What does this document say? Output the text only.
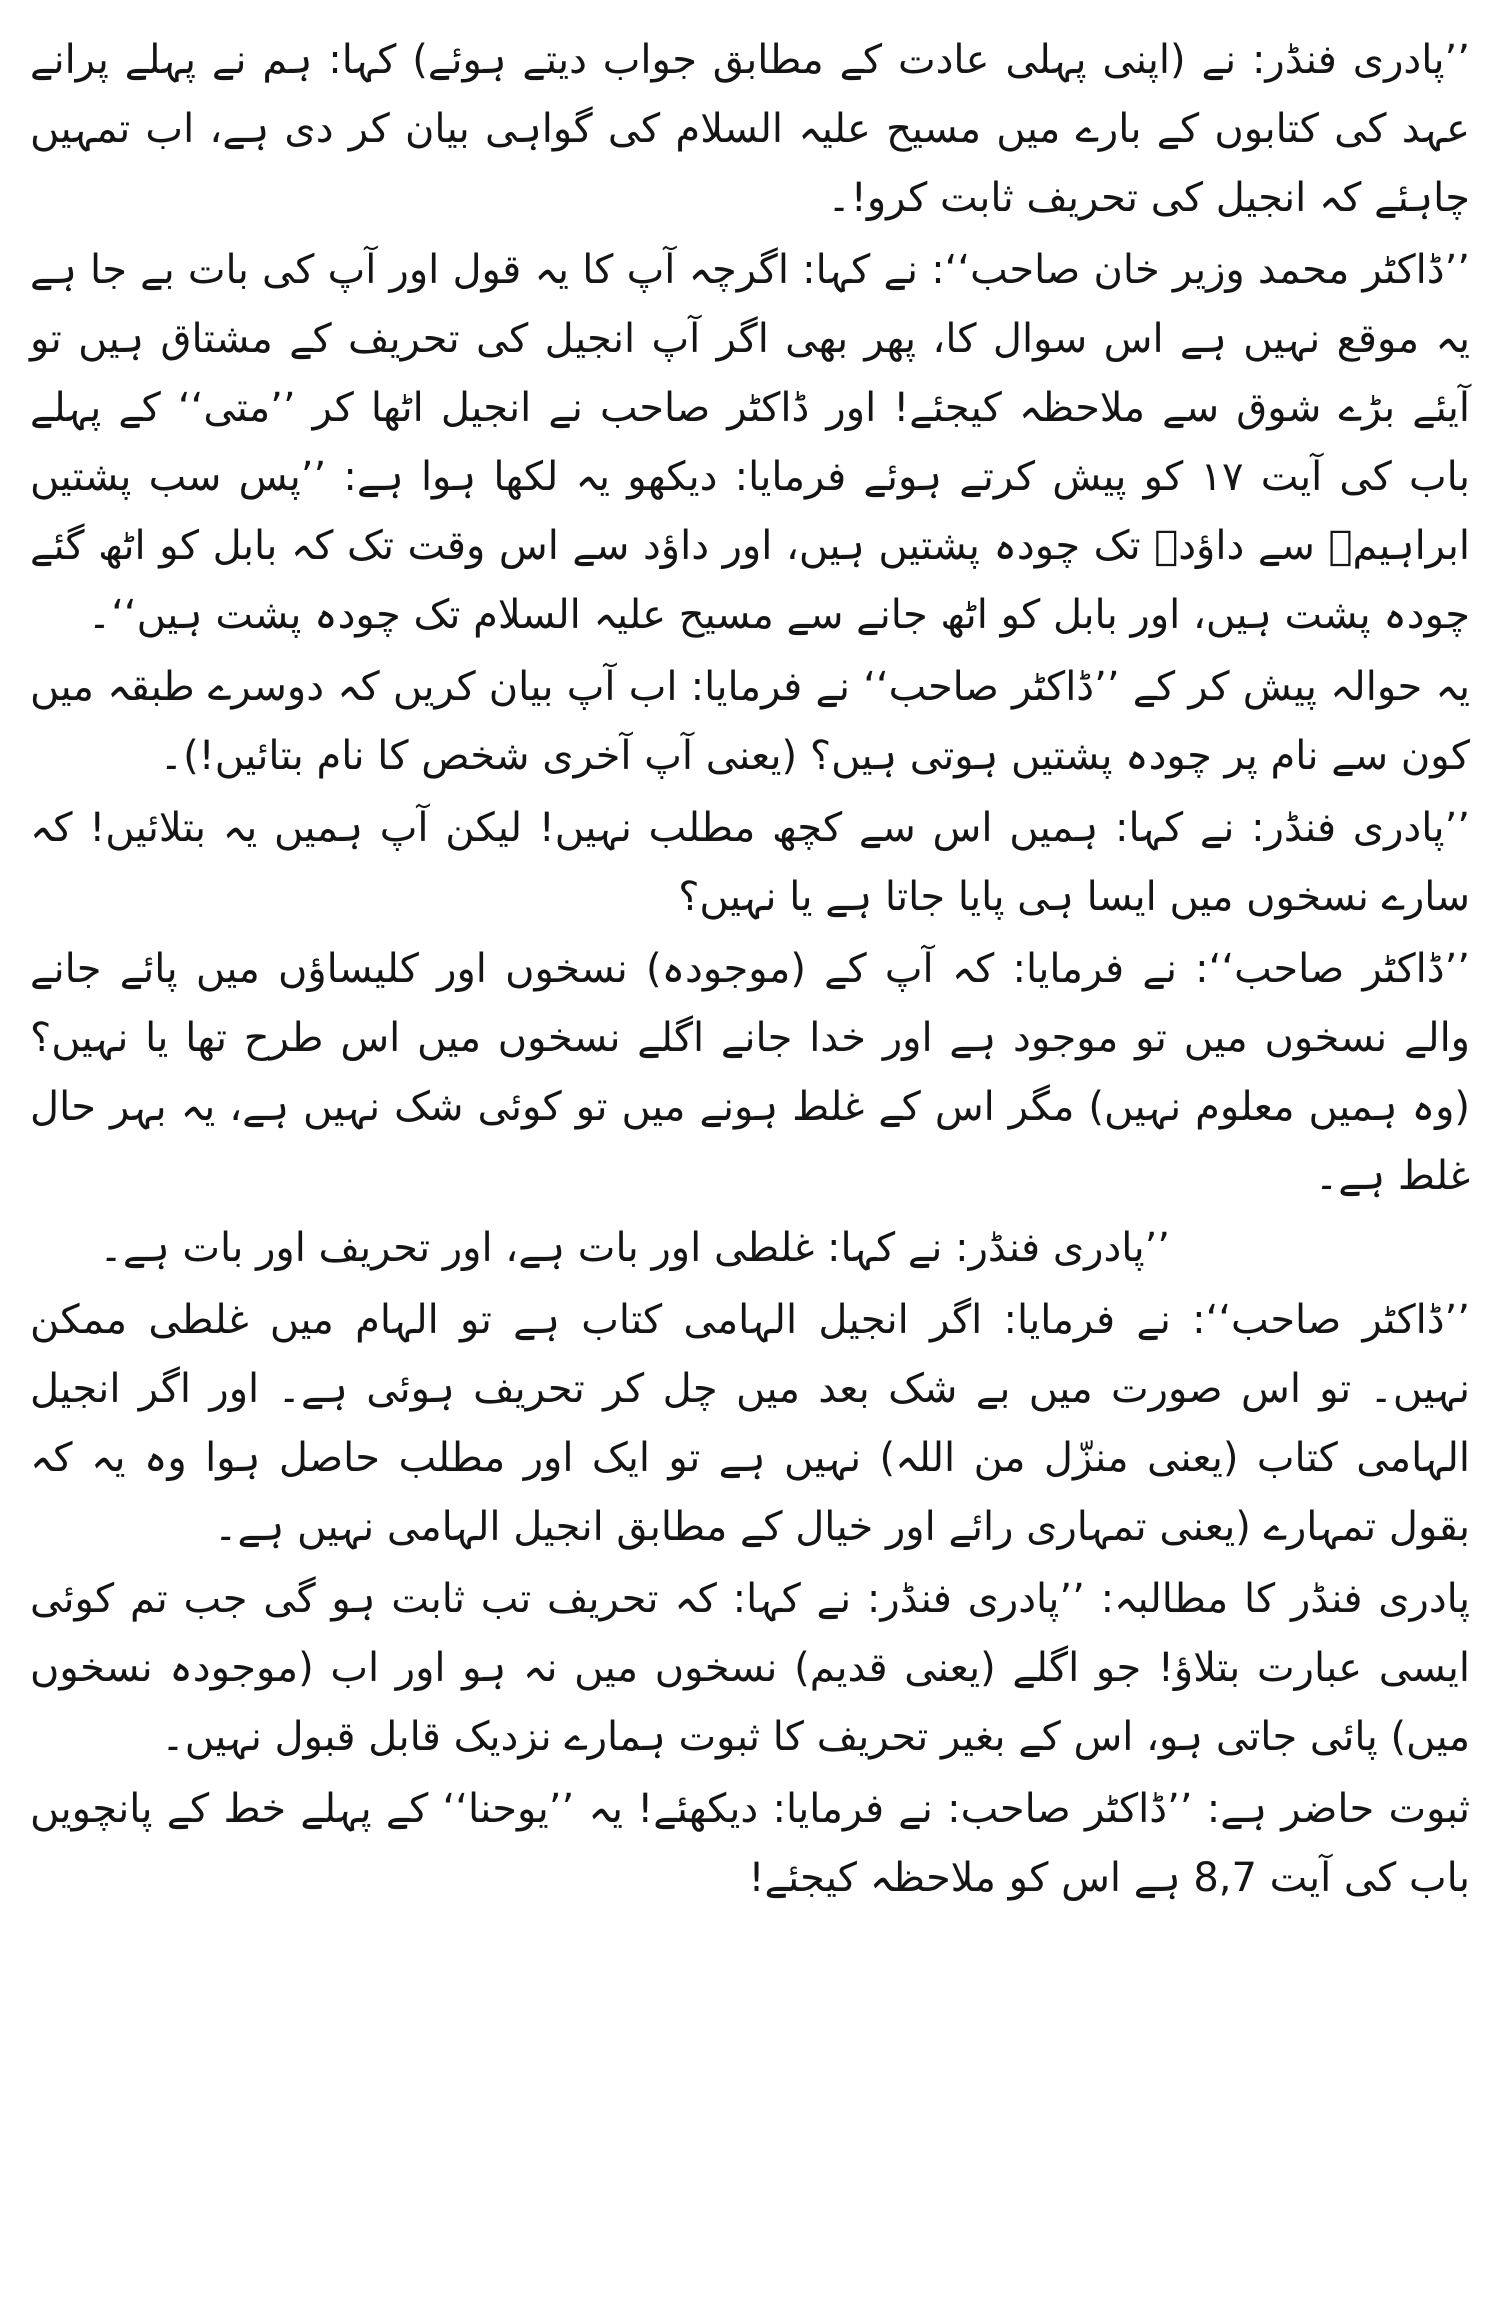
’’پادری فنڈر: نے (اپنی پہلی عادت کے مطابق جواب دیتے ہوئے) کہا: ہم نے پہلے پرانے عہد کی کتابوں کے بارے میں مسیح علیہ السلام کی گواہی بیان کر دی ہے، اب تمہیں چاہئے کہ انجیل کی تحریف ثابت کرو!۔

’’ڈاکٹر محمد وزیر خان صاحب‘‘: نے کہا: اگرچہ آپ کا یہ قول اور آپ کی بات بے جا ہے یہ موقع نہیں ہے اس سوال کا، پھر بھی اگر آپ انجیل کی تحریف کے مشتاق ہیں تو آیئے بڑے شوق سے ملاحظہ کیجئے! اور ڈاکٹر صاحب نے انجیل اٹھا کر ’’متی‘‘ کے پہلے باب کی آیت ۱۷ کو پیش کرتے ہوئے فرمایا: دیکھو یہ لکھا ہوا ہے: ’’پس سب پشتیں ابراہیمؑ سے داؤدؑ تک چودہ پشتیں ہیں، اور داؤد سے اس وقت تک کہ بابل کو اٹھ گئے چودہ پشت ہیں، اور بابل کو اٹھ جانے سے مسیح علیہ السلام تک چودہ پشت ہیں‘‘۔

یہ حوالہ پیش کر کے ’’ڈاکٹر صاحب‘‘ نے فرمایا: اب آپ بیان کریں کہ دوسرے طبقہ میں کون سے نام پر چودہ پشتیں ہوتی ہیں؟ (یعنی آپ آخری شخص کا نام بتائیں!)۔

’’پادری فنڈر: نے کہا: ہمیں اس سے کچھ مطلب نہیں! لیکن آپ ہمیں یہ بتلائیں! کہ سارے نسخوں میں ایسا ہی پایا جاتا ہے یا نہیں؟

’’ڈاکٹر صاحب‘‘: نے فرمایا: کہ آپ کے (موجودہ) نسخوں اور کلیساؤں میں پائے جانے والے نسخوں میں تو موجود ہے اور خدا جانے اگلے نسخوں میں اس طرح تھا یا نہیں؟ (وہ ہمیں معلوم نہیں) مگر اس کے غلط ہونے میں تو کوئی شک نہیں ہے، یہ بہر حال غلط ہے۔

’’پادری فنڈر: نے کہا: غلطی اور بات ہے، اور تحریف اور بات ہے۔

’’ڈاکٹر صاحب‘‘: نے فرمایا: اگر انجیل الہامی کتاب ہے تو الہام میں غلطی ممکن نہیں۔ تو اس صورت میں بے شک بعد میں چل کر تحریف ہوئی ہے۔ اور اگر انجیل الہامی کتاب (یعنی منزّل من اللہ) نہیں ہے تو ایک اور مطلب حاصل ہوا وہ یہ کہ بقول تمہارے (یعنی تمہاری رائے اور خیال کے مطابق انجیل الہامی نہیں ہے۔

پادری فنڈر کا مطالبہ: ’’پادری فنڈر: نے کہا: کہ تحریف تب ثابت ہو گی جب تم کوئی ایسی عبارت بتلاؤ! جو اگلے (یعنی قدیم) نسخوں میں نہ ہو اور اب (موجودہ نسخوں میں) پائی جاتی ہو، اس کے بغیر تحریف کا ثبوت ہمارے نزدیک قابل قبول نہیں۔

ثبوت حاضر ہے: ’’ڈاکٹر صاحب: نے فرمایا: دیکھئے! یہ ’’یوحنا‘‘ کے پہلے خط کے پانچویں باب کی آیت 8,7 ہے اس کو ملاحظہ کیجئے!
